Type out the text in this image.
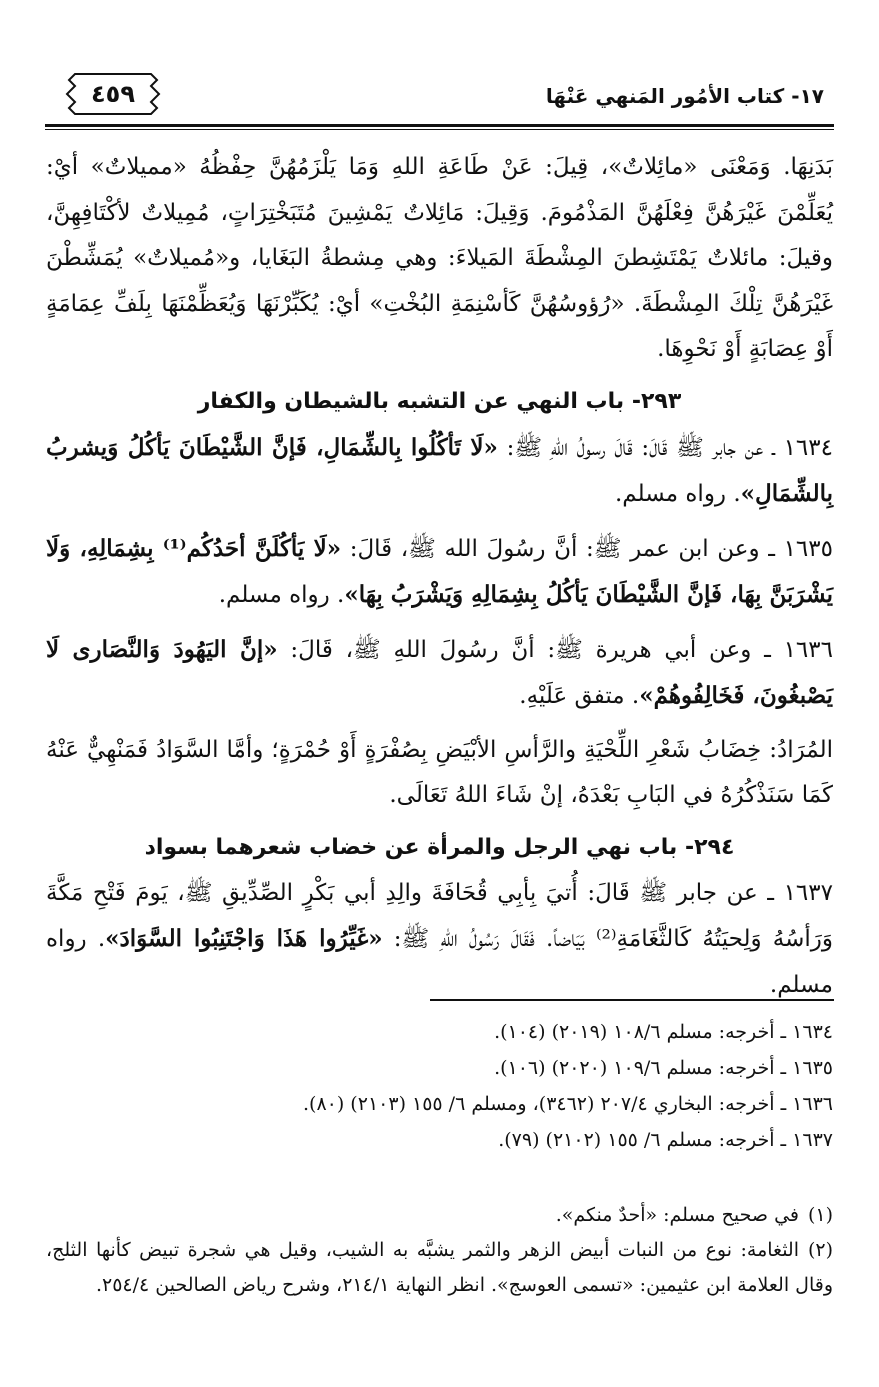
١٧- كتاب الأمُور المَنهي عَنْهَا
٤٥٩

بَدَنِهَا. وَمَعْنَى «مائِلاتٌ»، قِيلَ: عَنْ طَاعَةِ اللهِ وَمَا يَلْزَمُهُنَّ حِفْظُهُ «مميلاتٌ» أيْ: يُعَلِّمْنَ غَيْرَهُنَّ فِعْلَهُنَّ المَذْمُومَ. وَقِيلَ: مَائِلاتٌ يَمْشِينَ مُتَبَخْتِرَاتٍ، مُمِيلاتٌ لأكْتَافِهِنَّ، وقيلَ: مائلاتٌ يَمْتَشِطنَ المِشْطَةَ المَيلاءَ: وهي مِشطةُ البَغَايا، و«مُميلاتٌ» يُمَشِّطْنَ غَيْرَهُنَّ تِلْكَ المِشْطَةَ. «رُؤوسُهُنَّ كَأسْنِمَةِ البُخْتِ» أيْ: يُكَبِّرْنَهَا وَيُعَظِّمْنَهَا بِلَفِّ عِمَامَةٍ أَوْ عِصَابَةٍ أَوْ نَحْوِهَا.

٢٩٣- باب النهي عن التشبه بالشيطان والكفار

١٦٣٤ ـ عن جابر ﷺ قَالَ: قَالَ رسولُ اللهِ ﷺ: «لَا تَأكُلُوا بِالشِّمَالِ، فَإنَّ الشَّيْطَانَ يَأكُلُ وَيشربُ بِالشِّمَالِ». رواه مسلم.

١٦٣٥ ـ وعن ابن عمر ﷺ: أنَّ رسُولَ الله ﷺ، قَالَ: «لَا يَأكُلَنَّ أحَدُكُم⁽¹⁾ بِشِمَالِهِ، وَلَا يَشْرَبَنَّ بِهَا، فَإنَّ الشَّيْطَانَ يَأكُلُ بِشِمَالِهِ وَيَشْرَبُ بِهَا». رواه مسلم.

١٦٣٦ ـ وعن أبي هريرة ﷺ: أنَّ رسُولَ اللهِ ﷺ، قَالَ: «إنَّ اليَهُودَ وَالنَّصَارى لَا يَصْبغُونَ، فَخَالِفُوهُمْ». متفق عَلَيْهِ.

المُرَادُ: خِضَابُ شَعْرِ اللِّحْيَةِ والرَّأسِ الأبْيَضِ بِصُفْرَةٍ أَوْ حُمْرَةٍ؛ وأمَّا السَّوَادُ فَمَنْهِيٌّ عَنْهُ كَمَا سَنَذْكُرُهُ في البَابِ بَعْدَهُ، إنْ شَاءَ اللهُ تَعَالَى.

٢٩٤- باب نهي الرجل والمرأة عن خضاب شعرهما بسواد

١٦٣٧ ـ عن جابر ﷺ قَالَ: أُتيَ بِأبِي قُحَافَةَ والِدِ أبي بَكْرٍ الصِّدِّيقِ ﷺ، يَومَ فَتْحِ مَكَّةَ وَرَأسُهُ وَلِحيَتُهُ كَالثَّغَامَةِ⁽²⁾ بَيَاضاً. فَقَالَ رَسُولُ اللهِ ﷺ: «غَيِّرُوا هَذَا وَاجْتَنِبُوا السَّوَادَ». رواه مسلم.

١٦٣٤ ـ أخرجه: مسلم ١٠٨/٦ (٢٠١٩) (١٠٤).
١٦٣٥ ـ أخرجه: مسلم ١٠٩/٦ (٢٠٢٠) (١٠٦).
١٦٣٦ ـ أخرجه: البخاري ٢٠٧/٤ (٣٤٦٢)، ومسلم ٦/ ١٥٥ (٢١٠٣) (٨٠).
١٦٣٧ ـ أخرجه: مسلم ٦/ ١٥٥ (٢١٠٢) (٧٩).

(١)في صحيح مسلم: «أحدٌ منكم».

(٢)الثغامة: نوع من النبات أبيض الزهر والثمر يشبَّه به الشيب، وقيل هي شجرة تبيض كأنها الثلج، وقال العلامة ابن عثيمين: «تسمى العوسج». انظر النهاية ٢١٤/١، وشرح رياض الصالحين ٢٥٤/٤.
